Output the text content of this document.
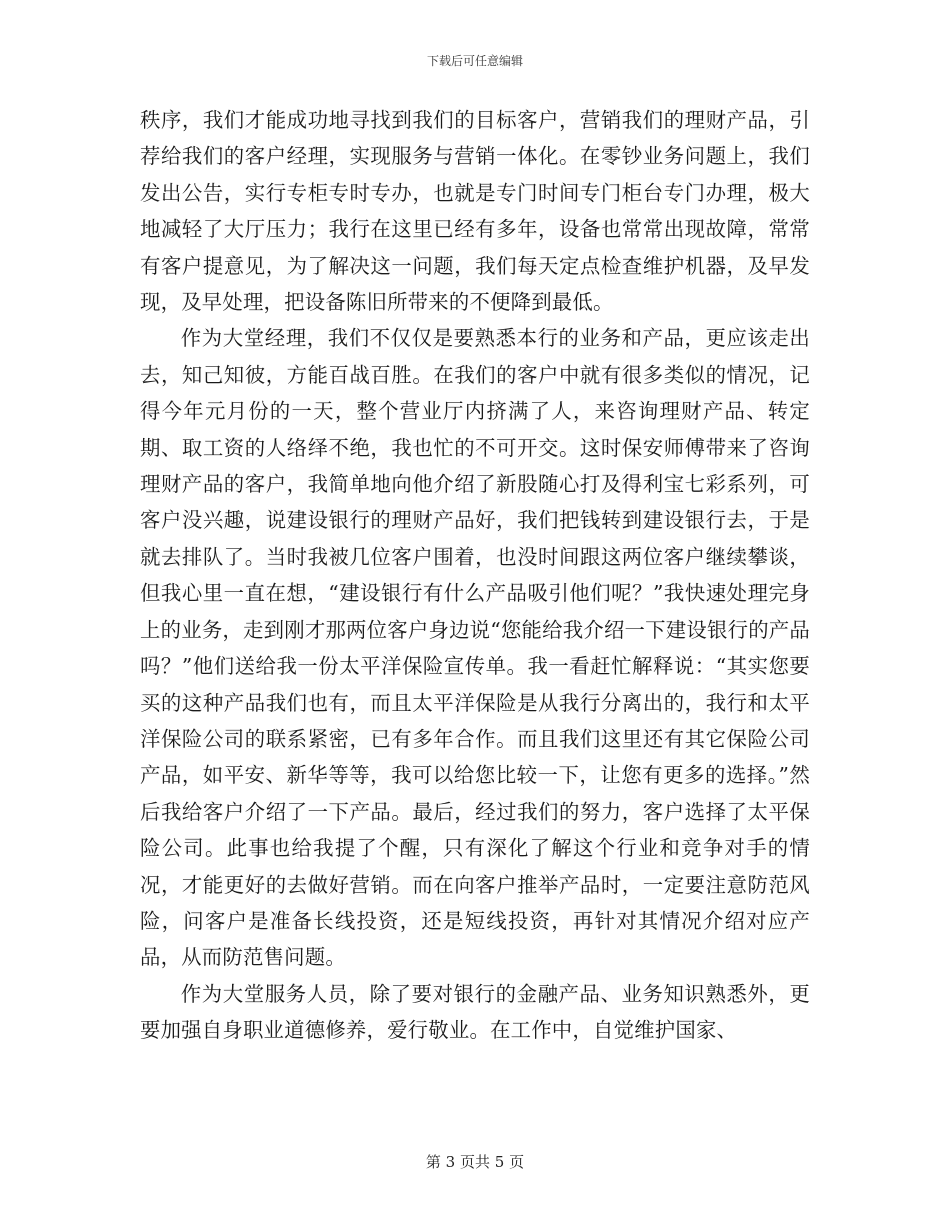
下载后可任意编辑

秩序，我们才能成功地寻找到我们的目标客户，营销我们的理财产品，引荐给我们的客户经理，实现服务与营销一体化。在零钞业务问题上，我们发出公告，实行专柜专时专办，也就是专门时间专门柜台专门办理，极大地减轻了大厅压力；我行在这里已经有多年，设备也常常出现故障，常常有客户提意见，为了解决这一问题，我们每天定点检查维护机器，及早发现，及早处理，把设备陈旧所带来的不便降到最低。

作为大堂经理，我们不仅仅是要熟悉本行的业务和产品，更应该走出去，知己知彼，方能百战百胜。在我们的客户中就有很多类似的情况，记得今年元月份的一天，整个营业厅内挤满了人，来咨询理财产品、转定期、取工资的人络绎不绝，我也忙的不可开交。这时保安师傅带来了咨询理财产品的客户，我简单地向他介绍了新股随心打及得利宝七彩系列，可客户没兴趣，说建设银行的理财产品好，我们把钱转到建设银行去，于是就去排队了。当时我被几位客户围着，也没时间跟这两位客户继续攀谈，但我心里一直在想，“建设银行有什么产品吸引他们呢？”我快速处理完身上的业务，走到刚才那两位客户身边说“您能给我介绍一下建设银行的产品吗？”他们送给我一份太平洋保险宣传单。我一看赶忙解释说：“其实您要买的这种产品我们也有，而且太平洋保险是从我行分离出的，我行和太平洋保险公司的联系紧密，已有多年合作。而且我们这里还有其它保险公司产品，如平安、新华等等，我可以给您比较一下，让您有更多的选择。”然后我给客户介绍了一下产品。最后，经过我们的努力，客户选择了太平保险公司。此事也给我提了个醒，只有深化了解这个行业和竞争对手的情况，才能更好的去做好营销。而在向客户推举产品时，一定要注意防范风险，问客户是准备长线投资，还是短线投资，再针对其情况介绍对应产品，从而防范售问题。

作为大堂服务人员，除了要对银行的金融产品、业务知识熟悉外，更要加强自身职业道德修养，爱行敬业。在工作中，自觉维护国家、

第 3 页共 5 页
